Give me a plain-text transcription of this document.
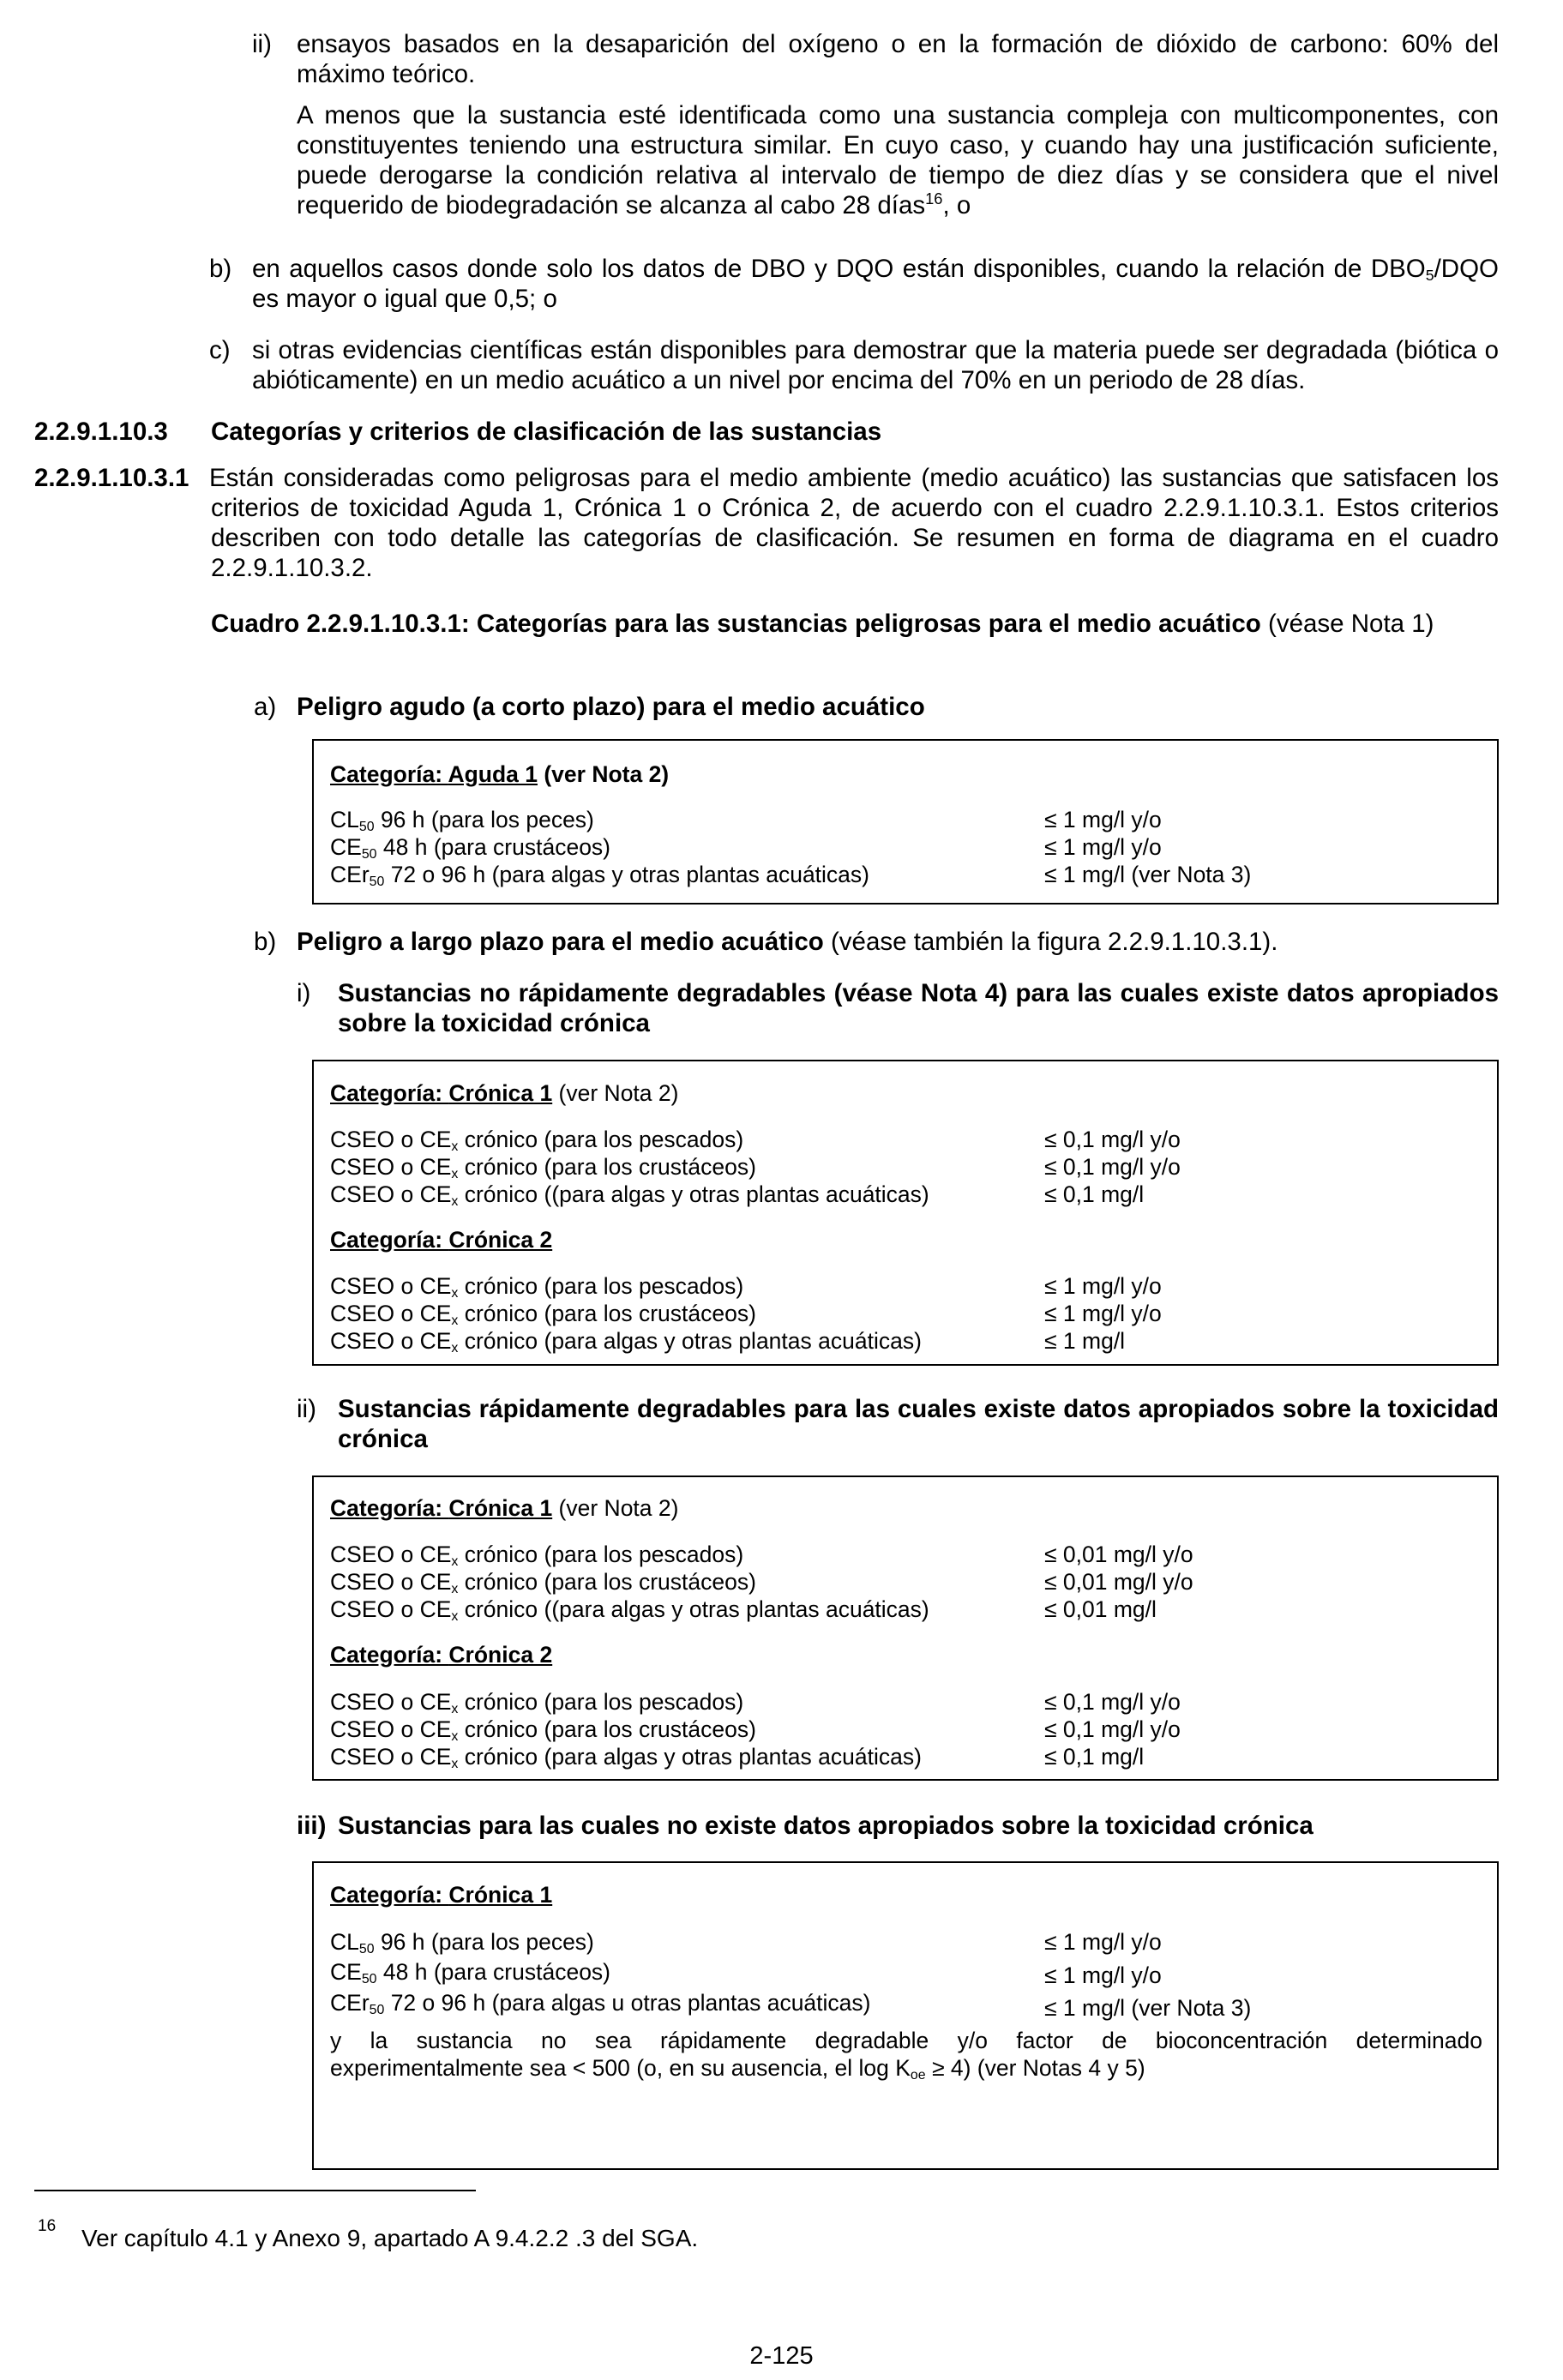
ii) ensayos basados en la desaparición del oxígeno o en la formación de dióxido de carbono: 60% del máximo teórico.
A menos que la sustancia esté identificada como una sustancia compleja con multicomponentes, con constituyentes teniendo una estructura similar. En cuyo caso, y cuando hay una justificación suficiente, puede derogarse la condición relativa al intervalo de tiempo de diez días y se considera que el nivel requerido de biodegradación se alcanza al cabo 28 días$^{16}$, o
b) en aquellos casos donde solo los datos de DBO y DQO están disponibles, cuando la relación de $DBO_5$/DQO es mayor o igual que 0,5; o
c) si otras evidencias científicas están disponibles para demostrar que la materia puede ser degradada (biótica o abióticamente) en un medio acuático a un nivel por encima del 70% en un periodo de 28 días.
2.2.9.1.10.3 Categorías y criterios de clasificación de las sustancias
2.2.9.1.10.3.1 Están consideradas como peligrosas para el medio ambiente (medio acuático) las sustancias que satisfacen los criterios de toxicidad Aguda 1, Crónica 1 o Crónica 2, de acuerdo con el cuadro 2.2.9.1.10.3.1. Estos criterios describen con todo detalle las categorías de clasificación. Se resumen en forma de diagrama en el cuadro 2.2.9.1.10.3.2.
Cuadro 2.2.9.1.10.3.1: Categorías para las sustancias peligrosas para el medio acuático (véase Nota 1)
a) Peligro agudo (a corto plazo) para el medio acuático
Categoría: Aguda 1 (ver Nota 2)
$CL_{50}$ 96 h (para los peces)	≤ 1 mg/l y/o
$CE_{50}$ 48 h (para crustáceos)	≤ 1 mg/l y/o
CEr$_{50}$ 72 o 96 h (para algas y otras plantas acuáticas)	≤ 1 mg/l (ver Nota 3)
b) Peligro a largo plazo para el medio acuático (véase también la figura 2.2.9.1.10.3.1).
i) Sustancias no rápidamente degradables (véase Nota 4) para las cuales existe datos apropiados sobre la toxicidad crónica
Categoría: Crónica 1 (ver Nota 2)
CSEO o $CE_x$ crónico (para los pescados)	≤ 0,1 mg/l y/o
CSEO o $CE_x$ crónico (para los crustáceos)	≤ 0,1 mg/l y/o
CSEO o $CE_x$ crónico ((para algas y otras plantas acuáticas)	≤ 0,1 mg/l
Categoría: Crónica 2
CSEO o $CE_x$ crónico (para los pescados)	≤ 1 mg/l y/o
CSEO o $CE_x$ crónico (para los crustáceos)	≤ 1 mg/l y/o
CSEO o $CE_x$ crónico (para algas y otras plantas acuáticas)	≤ 1 mg/l
ii) Sustancias rápidamente degradables para las cuales existe datos apropiados sobre la toxicidad crónica
Categoría: Crónica 1 (ver Nota 2)
CSEO o $CE_x$ crónico (para los pescados)	≤ 0,01 mg/l y/o
CSEO o $CE_x$ crónico (para los crustáceos)	≤ 0,01 mg/l y/o
CSEO o $CE_x$ crónico ((para algas y otras plantas acuáticas)	≤ 0,01 mg/l
Categoría: Crónica 2
CSEO o $CE_x$ crónico (para los pescados)	≤ 0,1 mg/l y/o
CSEO o $CE_x$ crónico (para los crustáceos)	≤ 0,1 mg/l y/o
CSEO o $CE_x$ crónico (para algas y otras plantas acuáticas)	≤ 0,1 mg/l
iii) Sustancias para las cuales no existe datos apropiados sobre la toxicidad crónica
Categoría: Crónica 1
$CL_{50}$ 96 h (para los peces)	≤ 1 mg/l y/o
$CE_{50}$ 48 h (para crustáceos)	≤ 1 mg/l y/o
CEr$_{50}$ 72 o 96 h (para algas u otras plantas acuáticas)	≤ 1 mg/l (ver Nota 3)
y la sustancia no sea rápidamente degradable y/o factor de bioconcentración determinado
experimentalmente sea < 500 (o, en su ausencia, el $\log K_{oe} \ge 4$) (ver Notas 4 y 5)
16 Ver capítulo 4.1 y Anexo 9, apartado A 9.4.2.2 .3 del SGA.
2-125
